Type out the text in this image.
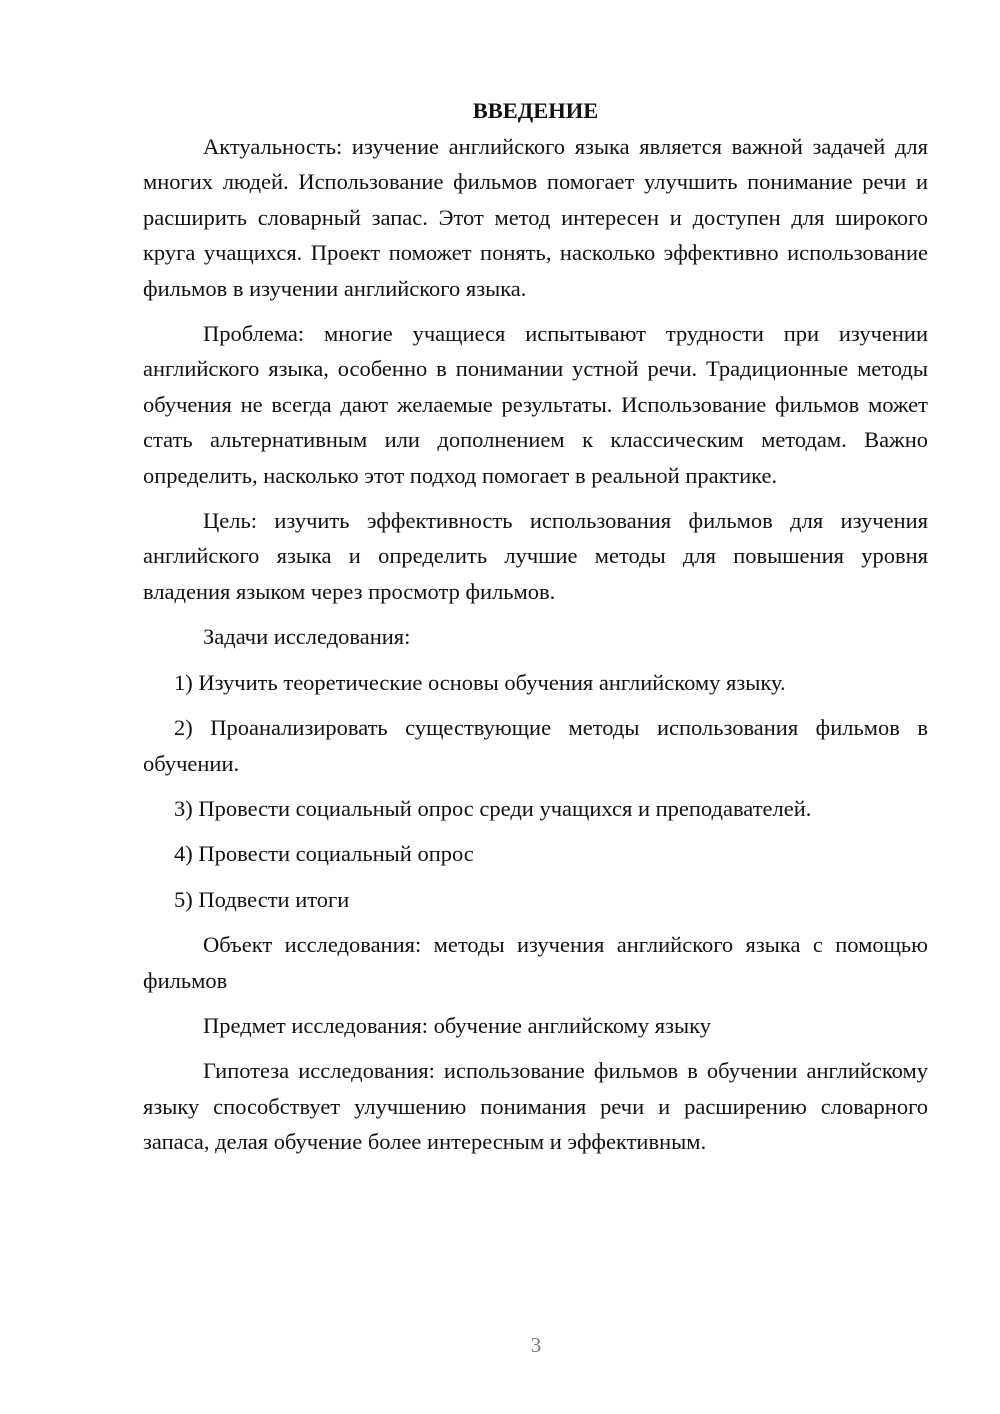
ВВЕДЕНИЕ

Актуальность: изучение английского языка является важной задачей для многих людей. Использование фильмов помогает улучшить понимание речи и расширить словарный запас. Этот метод интересен и доступен для широкого круга учащихся. Проект поможет понять, насколько эффективно использование фильмов в изучении английского языка.

Проблема: многие учащиеся испытывают трудности при изучении английского языка, особенно в понимании устной речи. Традиционные методы обучения не всегда дают желаемые результаты. Использование фильмов может стать альтернативным или дополнением к классическим методам. Важно определить, насколько этот подход помогает в реальной практике.

Цель: изучить эффективность использования фильмов для изучения английского языка и определить лучшие методы для повышения уровня владения языком через просмотр фильмов.

Задачи исследования:

1) Изучить теоретические основы обучения английскому языку.

2) Проанализировать существующие методы использования фильмов в обучении.

3) Провести социальный опрос среди учащихся и преподавателей.

4) Провести социальный опрос

5) Подвести итоги

Объект исследования: методы изучения английского языка с помощью фильмов

Предмет исследования: обучение английскому языку

Гипотеза исследования: использование фильмов в обучении английскому языку способствует улучшению понимания речи и расширению словарного запаса, делая обучение более интересным и эффективным.

3
